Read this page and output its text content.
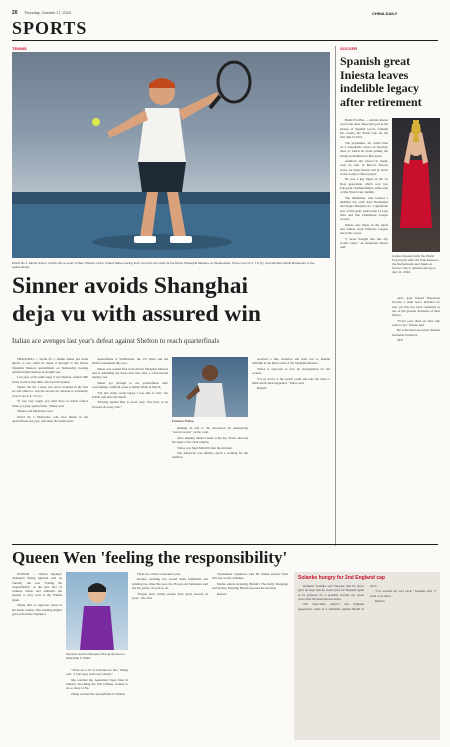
20 Thursday, October 17, 2024	CHINA DAILY
SPORTS
TENNIS
World No 1 Jannik Sinner of Italy hits a return to Ben Shelton of the United States during their round-of-16 match at the Rolex Shanghai Masters on Wednesday. Sinner won 6-4, 7-6 (1), and will face Daniil Medvedev in the quarterfinals.
Sinner avoids Shanghai
deja vu with assured win
Italian ace avenges last year's defeat against Shelton to reach quarterfinals

SHANGHAI — World No 1 Jannik Sinner put some ghosts to rest when he made it through to the Rolex Shanghai Masters quarterfinals on Wednesday, beating American Ben Shelton in straight sets.

Last year, at the same stage it was Shelton, ranked 19th in the world at that time, who beat the Italian.

Sinner, the No 1 seed, was never troubled in the first set and rallied to win the second set tiebreak to eventually close it out 6-4, 7-6 (1).

"It was very tough, you don't have so much control when you play against him," Sinner said.

Shelton and Medvedev next.

World No 5 Medvedev, who beat Sinner in the quarterfinals last year, will meet the Italian next.

quarterfinals at Wimbledon, the US Open and the Dubai tournament this year.

Sinner was seeded first at the Rolex Shanghai Masters and is defending the hard-court title after a controversial doping case.

Sinner got through to the quarterfinals after overcoming a difficult week at Indian Wells in March.

"I'm just really, really happy I was able to win," the Italian said after the match.

"Playing against Ben is never easy. You have to be focused on every ball."

Frances Tiafoe

pushing an end to the discussion by announcing "several serves" on the court.

After shaking Sinner's hand at the net, Tiafoe directed his anger at the chair umpire.

Tiafoe was fined $60,000 after the incident.

The American was initially given a warning for the outburst.

received a fine violation and then lost to Roman Safiullin in the third round of the Shanghai Masters.

Tiafoe is expected to face an investigation for his actions.

"I'll go down to the locker room and take my time to think about what happened," Tiafoe said.

Reuters

SOCCER
Spanish great Iniesta leaves indelible legacy after retirement

BARCELONA — Andres Iniesta scored the most important goal in the history of Spanish soccer, winning his country the World Cup for the first time in 2010.

The playmaker, 40, called time on a remarkable career on Tuesday, most of which he spent pulling the strings in midfield for Barcelona.

Admired and adored in Spain, even by fans of Barça's fiercest rivals, for many Iniesta will go down as the country's finest player.

He was a key figure in the La Roja generation which won two European Championships, either side of that World Cup triumph.

The midfielder, who formed a midfield trio with Xavi Hernandez and Sergio Busquets for a significant part of that spell, added nine La Liga titles and four Champions League crowns.

Iniesta also shone in the Japan and United Arab Emirates leagues late in his career.

"I never thought that this day would come," an emotional Iniesta said.

Andres Iniesta holds the World Cup trophy after the final between the Netherlands and Spain at Soccer City in Johannesburg on July 11, 2010.

ona's goal helped Barcelona become a team never matched for real, yet this has been cemented as one of the greatest moments of their history.

"Every year, there are fans who write to me," Iniesta said.

He is the most decorated Spanish footballer in history.

AFP

Queen Wen 'feeling the responsibility'

WUHAN — China's Olympic champion Zheng Qinwen said on Tuesday she was "feeling the responsibility" as the new face of Chinese tennis and admitted she needed to play well at the Wuhan Open.

Zheng shot to superstar status in her home country after winning singles gold at the Paris Olympics.

Olympic tennis champion Zheng Qinwen in Shanghai in 2024.

"There are a lot of activities for me," Zheng said. "I can't play well every match."

She reached the Australian Open final in January, becoming the first Chinese woman to do so since Li Na.

Zheng reached the quarterfinals in Wuhan.

Finals for a third consecutive year.

Despite reaching two Grand Slam semifinals and winning two titles this year, the 28-year-old Sabalenka said she has plenty of work to do.

"People don't realize people have great seasons in sport," she said.

Tournament organizers said the Sinner-Alcaraz final will stay on the schedule.

Media outlets including Britain's The Daily Telegraph and Sydney Morning Herald reported the decision.

Reuters

Solanke hungry for 2nd England cap

Dominic Solanke said Tuesday that he never gave up hope that he would play for England again as he prepares for a possible second cap seven years after his international debut.

The Newcastle player's last England appearance came as a substitute against Brazil in 2017.

"I've worked my way back," Solanke said. "I want to be there."

Reuters
